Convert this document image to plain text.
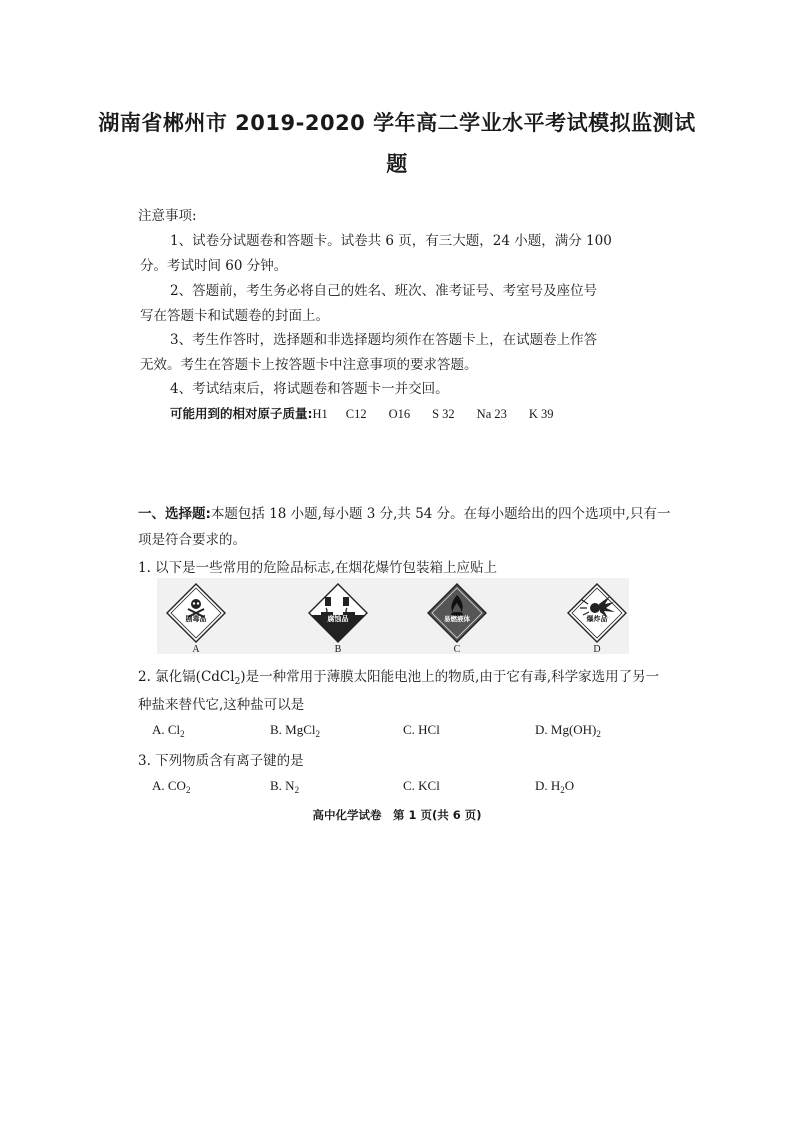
湖南省郴州市 2019-2020 学年高二学业水平考试模拟监测试
题
注意事项:
1、试卷分试题卷和答题卡。试卷共 6 页，有三大题，24 小题，满分 100
分。考试时间 60 分钟。
2、答题前，考生务必将自己的姓名、班次、准考证号、考室号及座位号
写在答题卡和试题卷的封面上。
3、考生作答时，选择题和非选择题均须作在答题卡上，在试题卷上作答
无效。考生在答题卡上按答题卡中注意事项的要求答题。
4、考试结束后，将试题卷和答题卡一并交回。
可能用到的相对原子质量:H1 C12 O16 S 32 Na 23 K 39
一、选择题:本题包括 18 小题,每小题 3 分,共 54 分。在每小题给出的四个选项中,只有一
项是符合要求的。
1. 以下是一些常用的危险品标志,在烟花爆竹包装箱上应贴上
剧毒品
A
腐蚀品
B
易燃液体
C
爆炸品
D
2. 氯化镉(CdCl$_2$)是一种常用于薄膜太阳能电池上的物质,由于它有毒,科学家选用了另一
种盐来替代它,这种盐可以是
A. $Cl_2$	B. MgCl$_2$	C. HCl	D. $Mg(OH)_2$
3. 下列物质含有离子键的是
A. $CO_2$	B. $N_2$	C. KCl	D. $H_2O$
高中化学试卷　第 1 页(共 6 页)
